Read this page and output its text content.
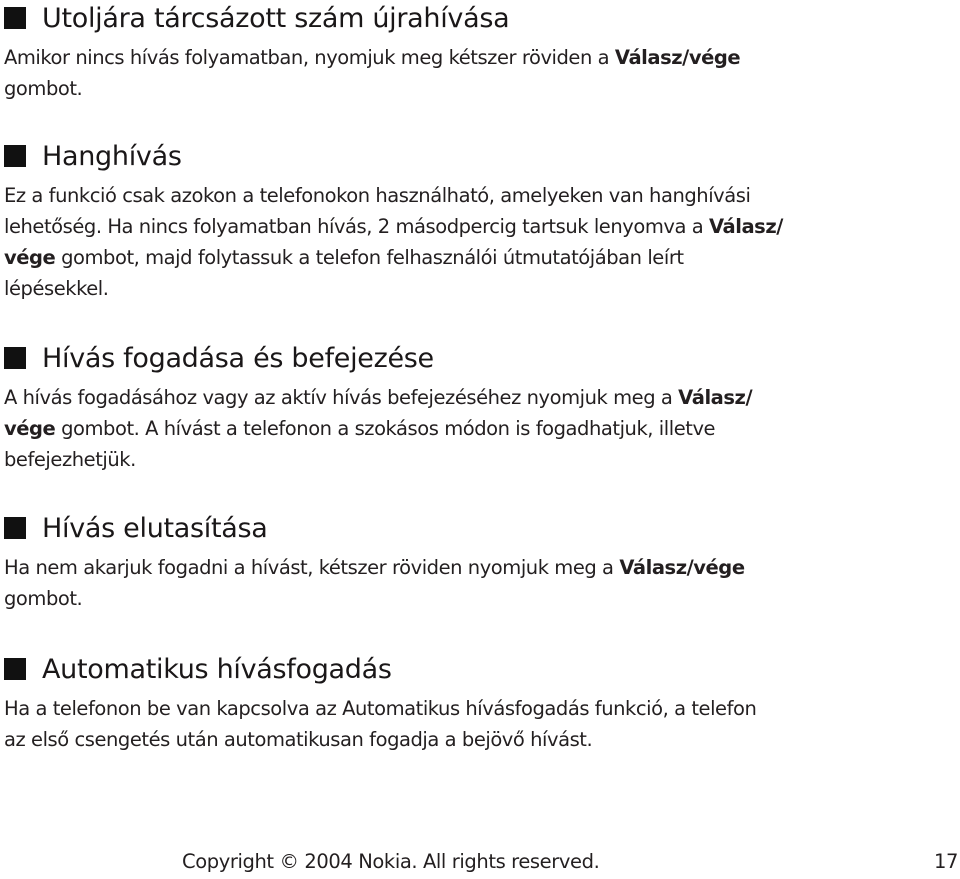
Utoljára tárcsázott szám újrahívása

Amikor nincs hívás folyamatban, nyomjuk meg kétszer röviden a Válasz/vége
gombot.

Hanghívás

Ez a funkció csak azokon a telefonokon használható, amelyeken van hanghívási
lehetőség. Ha nincs folyamatban hívás, 2 másodpercig tartsuk lenyomva a Válasz/
vége gombot, majd folytassuk a telefon felhasználói útmutatójában leírt
lépésekkel.

Hívás fogadása és befejezése

A hívás fogadásához vagy az aktív hívás befejezéséhez nyomjuk meg a Válasz/
vége gombot. A hívást a telefonon a szokásos módon is fogadhatjuk, illetve
befejezhetjük.

Hívás elutasítása

Ha nem akarjuk fogadni a hívást, kétszer röviden nyomjuk meg a Válasz/vége
gombot.

Automatikus hívásfogadás

Ha a telefonon be van kapcsolva az Automatikus hívásfogadás funkció, a telefon
az első csengetés után automatikusan fogadja a bejövő hívást.

Copyright © 2004 Nokia. All rights reserved.	17
